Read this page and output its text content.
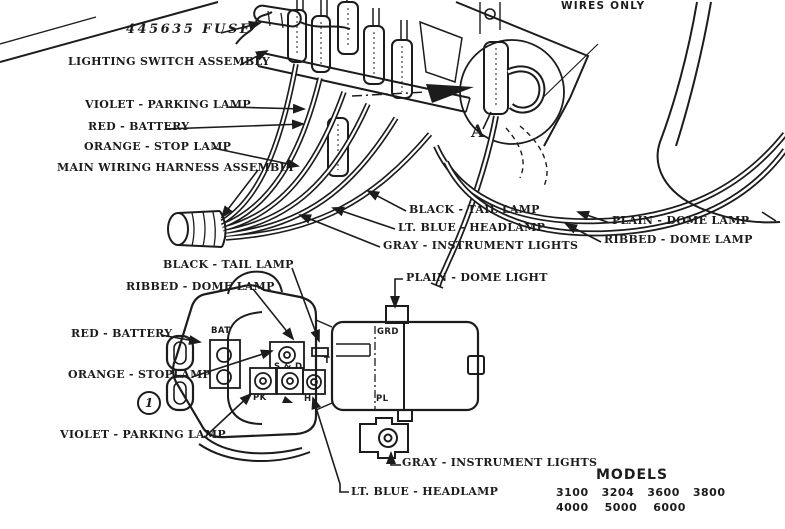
445635 FUSE
LIGHTING SWITCH ASSEMBLY
VIOLET - PARKING LAMP
RED - BATTERY
ORANGE - STOP LAMP
MAIN WIRING HARNESS ASSEMBLY
WIRES ONLY
A
BLACK - TAIL LAMP
LT. BLUE - HEADLAMP
GRAY - INSTRUMENT LIGHTS
PLAIN - DOME LAMP
RIBBED - DOME LAMP
BLACK - TAIL LAMP
RIBBED - DOME LAMP
PLAIN - DOME LIGHT
RED - BATTERY
ORANGE - STOPLAMP
VIOLET - PARKING LAMP
GRAY - INSTRUMENT LIGHTS
LT. BLUE - HEADLAMP
BAT
S & D
PK	H
T
GRD
PL
1
MODELS
3100 3204 3600 3800
4000 5000 6000
